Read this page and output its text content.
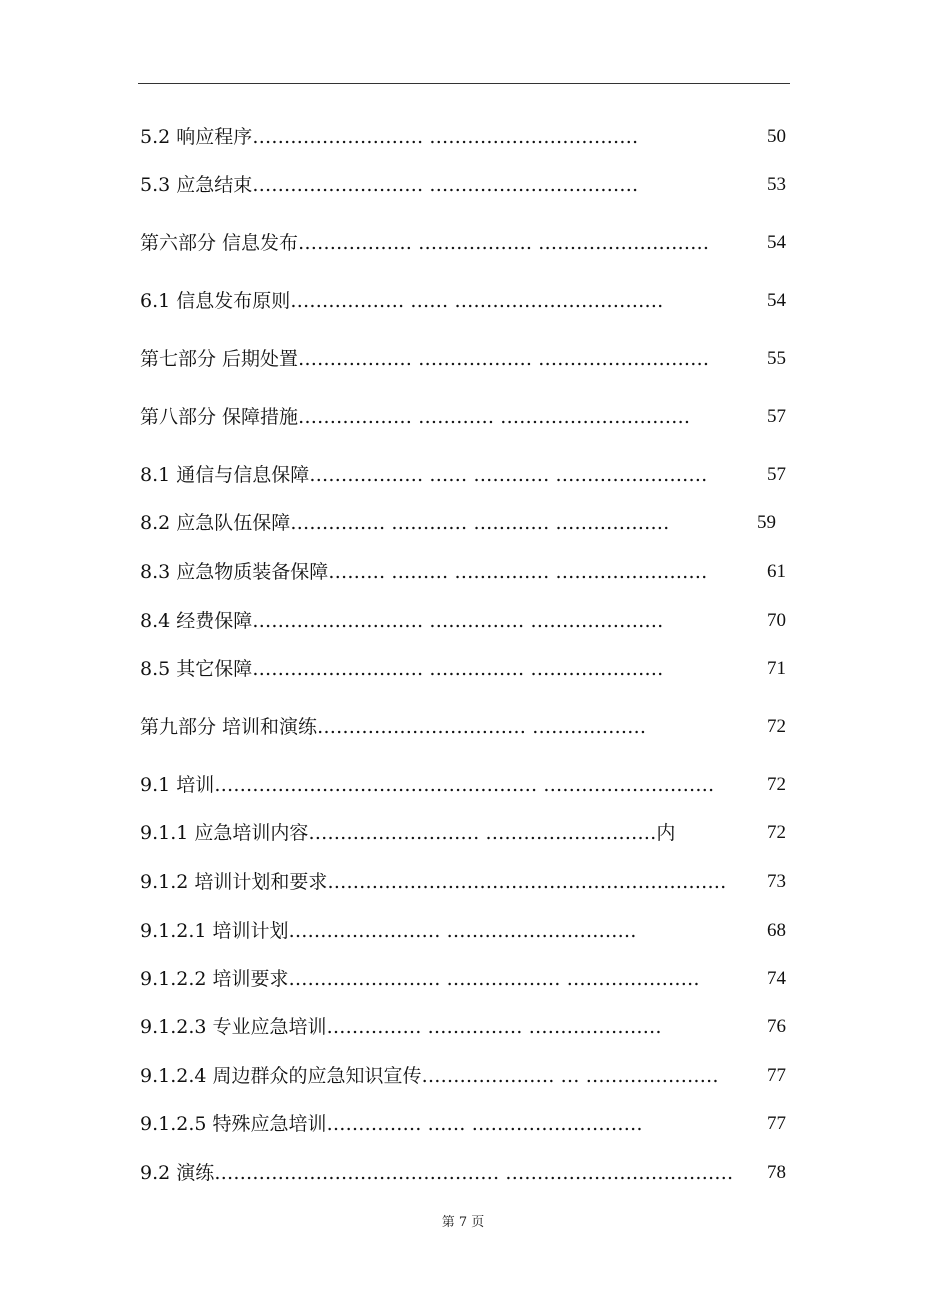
5.2 响应程序……………………… ……………………………	50
5.3 应急结束……………………… ……………………………	53
第六部分 信息发布……………… ……………… ………………………	54
6.1 信息发布原则……………… …… ……………………………	54
第七部分 后期处置……………… ……………… ………………………	55
第八部分 保障措施……………… ………… …………………………	57
8.1 通信与信息保障……………… …… ………… ……………………	57
8.2 应急队伍保障…………… ………… ………… ………………	59
8.3 应急物质装备保障……… ……… …………… ……………………	61
8.4 经费保障……………………… …………… …………………	70
8.5 其它保障……………………… …………… …………………	71
第九部分 培训和演练…………………………… ………………	72
9.1 培训…………………………………………… ………………………	72
9.1.1 应急培训内容……………………… ………………………内	72
9.1.2 培训计划和要求……………………………………………………… 73
9.1.2.1 培训计划…………………… …………………………	68
9.1.2.2 培训要求…………………… ……………… …………………	74
9.1.2.3 专业应急培训…………… …………… …………………	76
9.1.2.4 周边群众的应急知识宣传………………… … …………………	77
9.1.2.5 特殊应急培训…………… …… ………………………	77
9.2 演练……………………………………… ……………………………… 78
第 7 页
